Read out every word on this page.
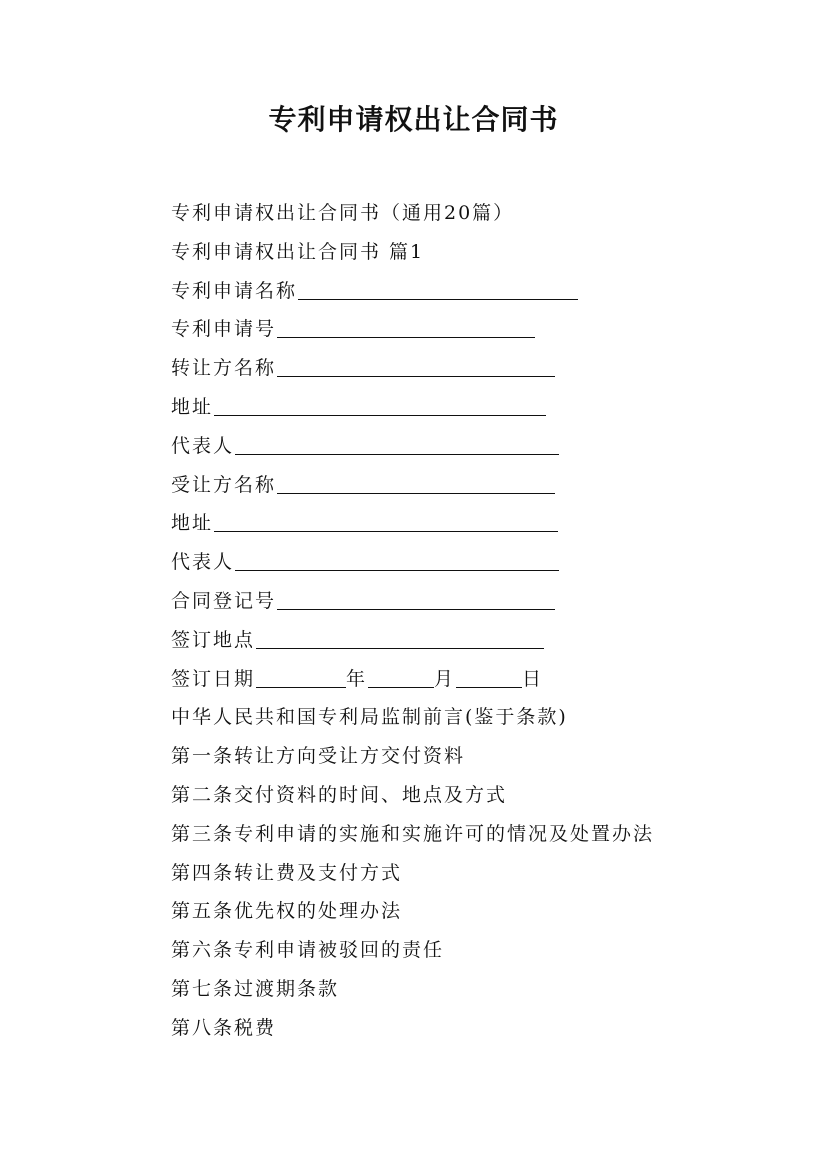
专利申请权出让合同书
专利申请权出让合同书（通用20篇）
专利申请权出让合同书 篇1
专利申请名称
专利申请号
转让方名称
地址
代表人
受让方名称
地址
代表人
合同登记号
签订地点
签订日期	年	月	日
中华人民共和国专利局监制前言(鉴于条款)
第一条转让方向受让方交付资料
第二条交付资料的时间、地点及方式
第三条专利申请的实施和实施许可的情况及处置办法
第四条转让费及支付方式
第五条优先权的处理办法
第六条专利申请被驳回的责任
第七条过渡期条款
第八条税费
